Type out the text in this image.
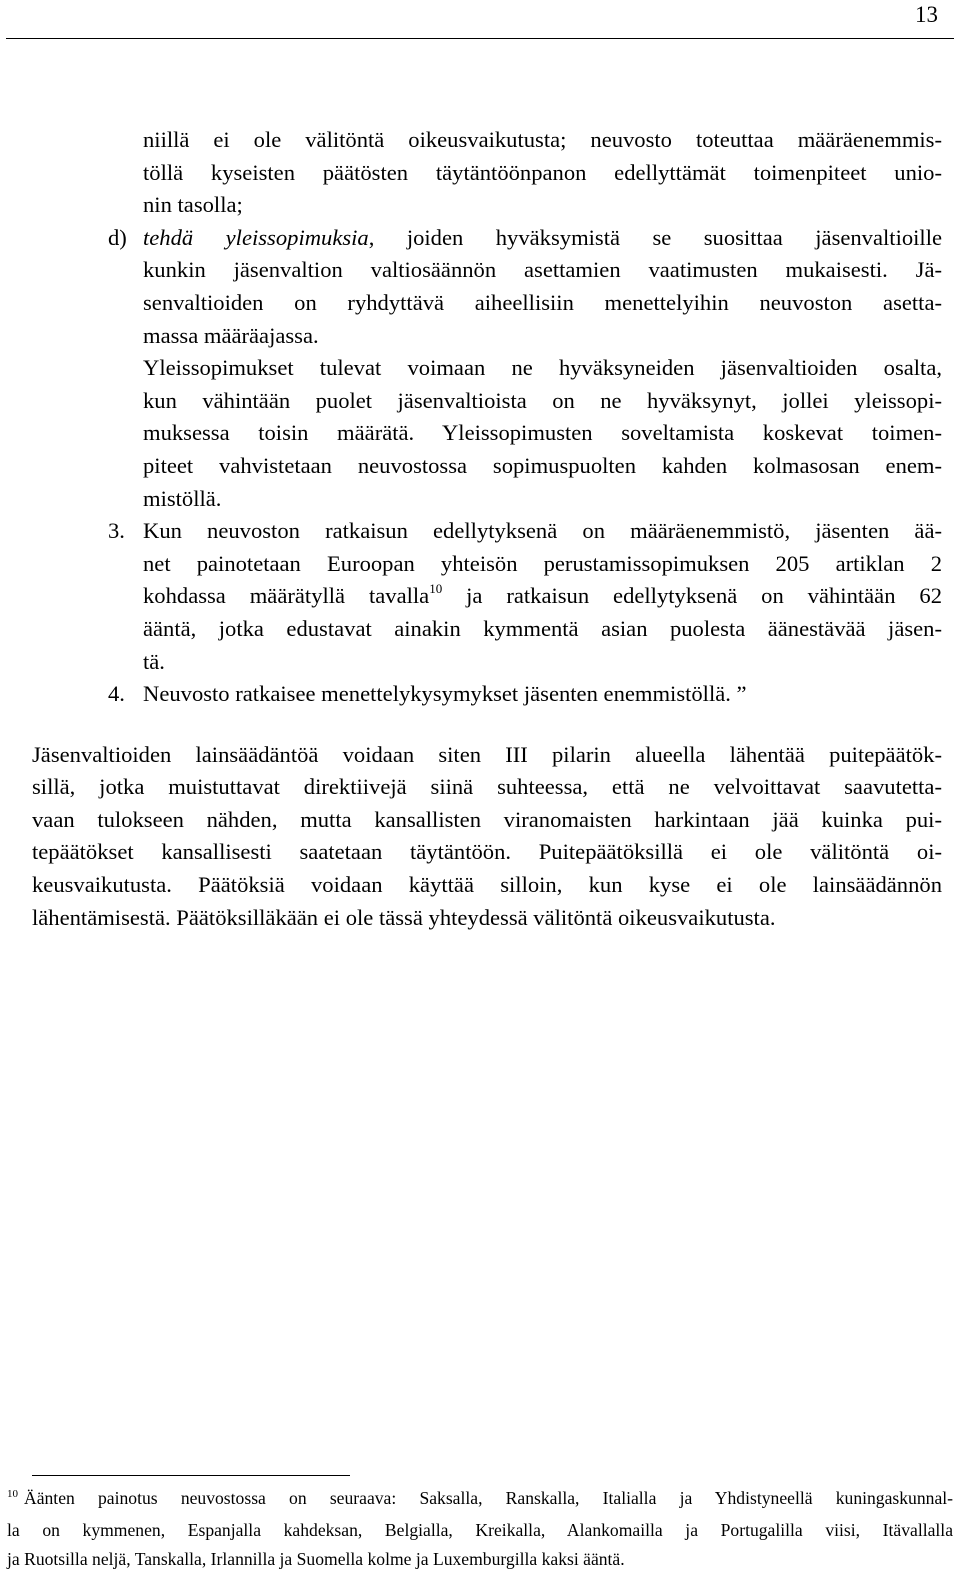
13
niillä ei ole välitöntä oikeusvaikutusta; neuvosto toteuttaa määräenemmis-
töllä kyseisten päätösten täytäntöönpanon edellyttämät toimenpiteet unio-
nin tasolla;
d) tehdä yleissopimuksia, joiden hyväksymistä se suosittaa jäsenvaltioille
kunkin jäsenvaltion valtiosäännön asettamien vaatimusten mukaisesti. Jä-
senvaltioiden on ryhdyttävä aiheellisiin menettelyihin neuvoston asetta-
massa määräajassa.
Yleissopimukset tulevat voimaan ne hyväksyneiden jäsenvaltioiden osalta,
kun vähintään puolet jäsenvaltioista on ne hyväksynyt, jollei yleissopi-
muksessa toisin määrätä. Yleissopimusten soveltamista koskevat toimen-
piteet vahvistetaan neuvostossa sopimuspuolten kahden kolmasosan enem-
mistöllä.
3. Kun neuvoston ratkaisun edellytyksenä on määräenemmistö, jäsenten ää-
net painotetaan Euroopan yhteisön perustamissopimuksen 205 artiklan 2
kohdassa määrätyllä tavalla$^{10}$ ja ratkaisun edellytyksenä on vähintään 62
ääntä, jotka edustavat ainakin kymmentä asian puolesta äänestävää jäsen-
tä.
4. Neuvosto ratkaisee menettelykysymykset jäsenten enemmistöllä. ”
Jäsenvaltioiden lainsäädäntöä voidaan siten III pilarin alueella lähentää puitepäätök-
sillä, jotka muistuttavat direktiivejä siinä suhteessa, että ne velvoittavat saavutetta-
vaan tulokseen nähden, mutta kansallisten viranomaisten harkintaan jää kuinka pui-
tepäätökset kansallisesti saatetaan täytäntöön. Puitepäätöksillä ei ole välitöntä oi-
keusvaikutusta. Päätöksiä voidaan käyttää silloin, kun kyse ei ole lainsäädännön
lähentämisestä. Päätöksilläkään ei ole tässä yhteydessä välitöntä oikeusvaikutusta.
$^{10}$ Äänten painotus neuvostossa on seuraava: Saksalla, Ranskalla, Italialla ja Yhdistyneellä kuningaskunnal-
la on kymmenen, Espanjalla kahdeksan, Belgialla, Kreikalla, Alankomailla ja Portugalilla viisi, Itävallalla
ja Ruotsilla neljä, Tanskalla, Irlannilla ja Suomella kolme ja Luxemburgilla kaksi ääntä.
